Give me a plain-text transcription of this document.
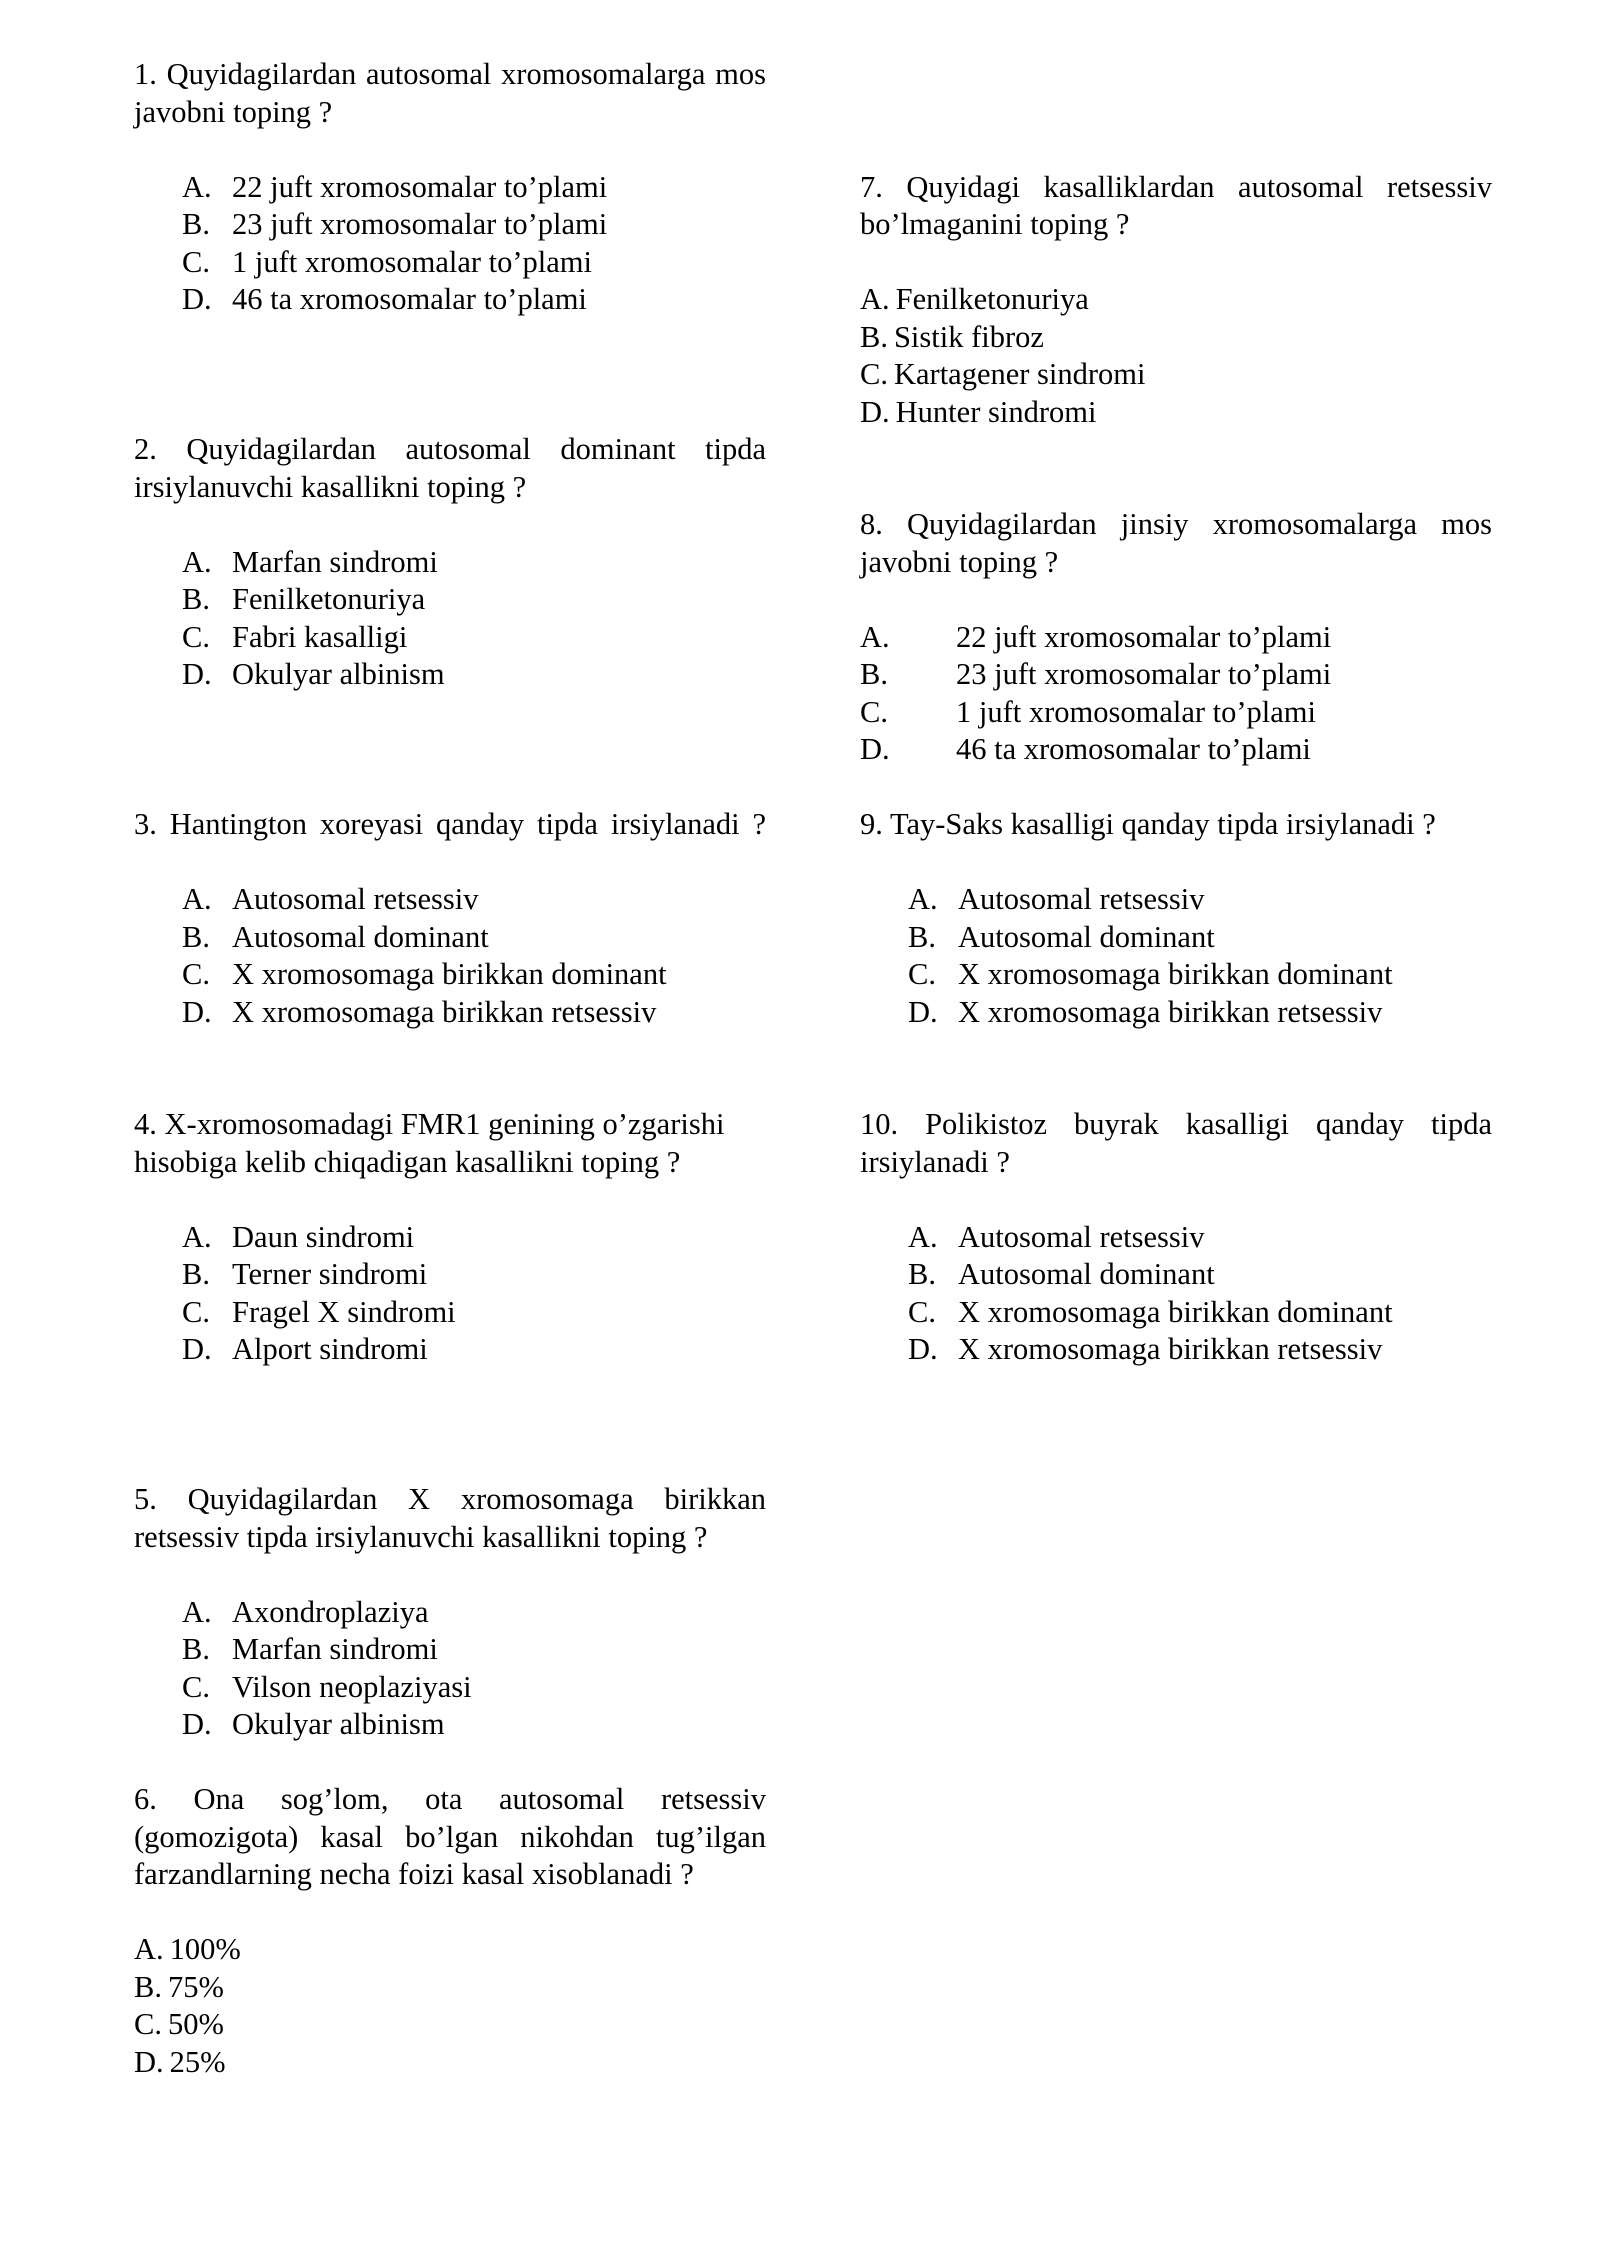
1. Quyidagilardan autosomal xromosomalarga mos javobni toping ?
A. 22 juft xromosomalar to’plami
B. 23 juft xromosomalar to’plami
C. 1 juft xromosomalar to’plami
D. 46 ta xromosomalar to’plami
2. Quyidagilardan autosomal dominant tipda irsiylanuvchi kasallikni toping ?
A. Marfan sindromi
B. Fenilketonuriya
C. Fabri kasalligi
D. Okulyar albinism
3. Hantington xoreyasi qanday tipda irsiylanadi ?
A. Autosomal retsessiv
B. Autosomal dominant
C. X xromosomaga birikkan dominant
D. X xromosomaga birikkan retsessiv
4. X-xromosomadagi FMR1 genining o’zgarishi hisobiga kelib chiqadigan kasallikni toping ?
A. Daun sindromi
B. Terner sindromi
C. Fragel X sindromi
D. Alport sindromi
5. Quyidagilardan X xromosomaga birikkan retsessiv tipda irsiylanuvchi kasallikni toping ?
A. Axondroplaziya
B. Marfan sindromi
C. Vilson neoplaziyasi
D. Okulyar albinism
6. Ona sog’lom, ota autosomal retsessiv (gomozigota) kasal bo’lgan nikohdan tug’ilgan farzandlarning necha foizi kasal xisoblanadi ?
A. 100%
B. 75%
C. 50%
D. 25%
7. Quyidagi kasalliklardan autosomal retsessiv bo’lmaganini toping ?
A. Fenilketonuriya
B. Sistik fibroz
C. Kartagener sindromi
D. Hunter sindromi
8. Quyidagilardan jinsiy xromosomalarga mos javobni toping ?
A. 22 juft xromosomalar to’plami
B. 23 juft xromosomalar to’plami
C. 1 juft xromosomalar to’plami
D. 46 ta xromosomalar to’plami
9. Tay-Saks kasalligi qanday tipda irsiylanadi ?
A. Autosomal retsessiv
B. Autosomal dominant
C. X xromosomaga birikkan dominant
D. X xromosomaga birikkan retsessiv
10. Polikistoz buyrak kasalligi qanday tipda irsiylanadi ?
A. Autosomal retsessiv
B. Autosomal dominant
C. X xromosomaga birikkan dominant
D. X xromosomaga birikkan retsessiv
